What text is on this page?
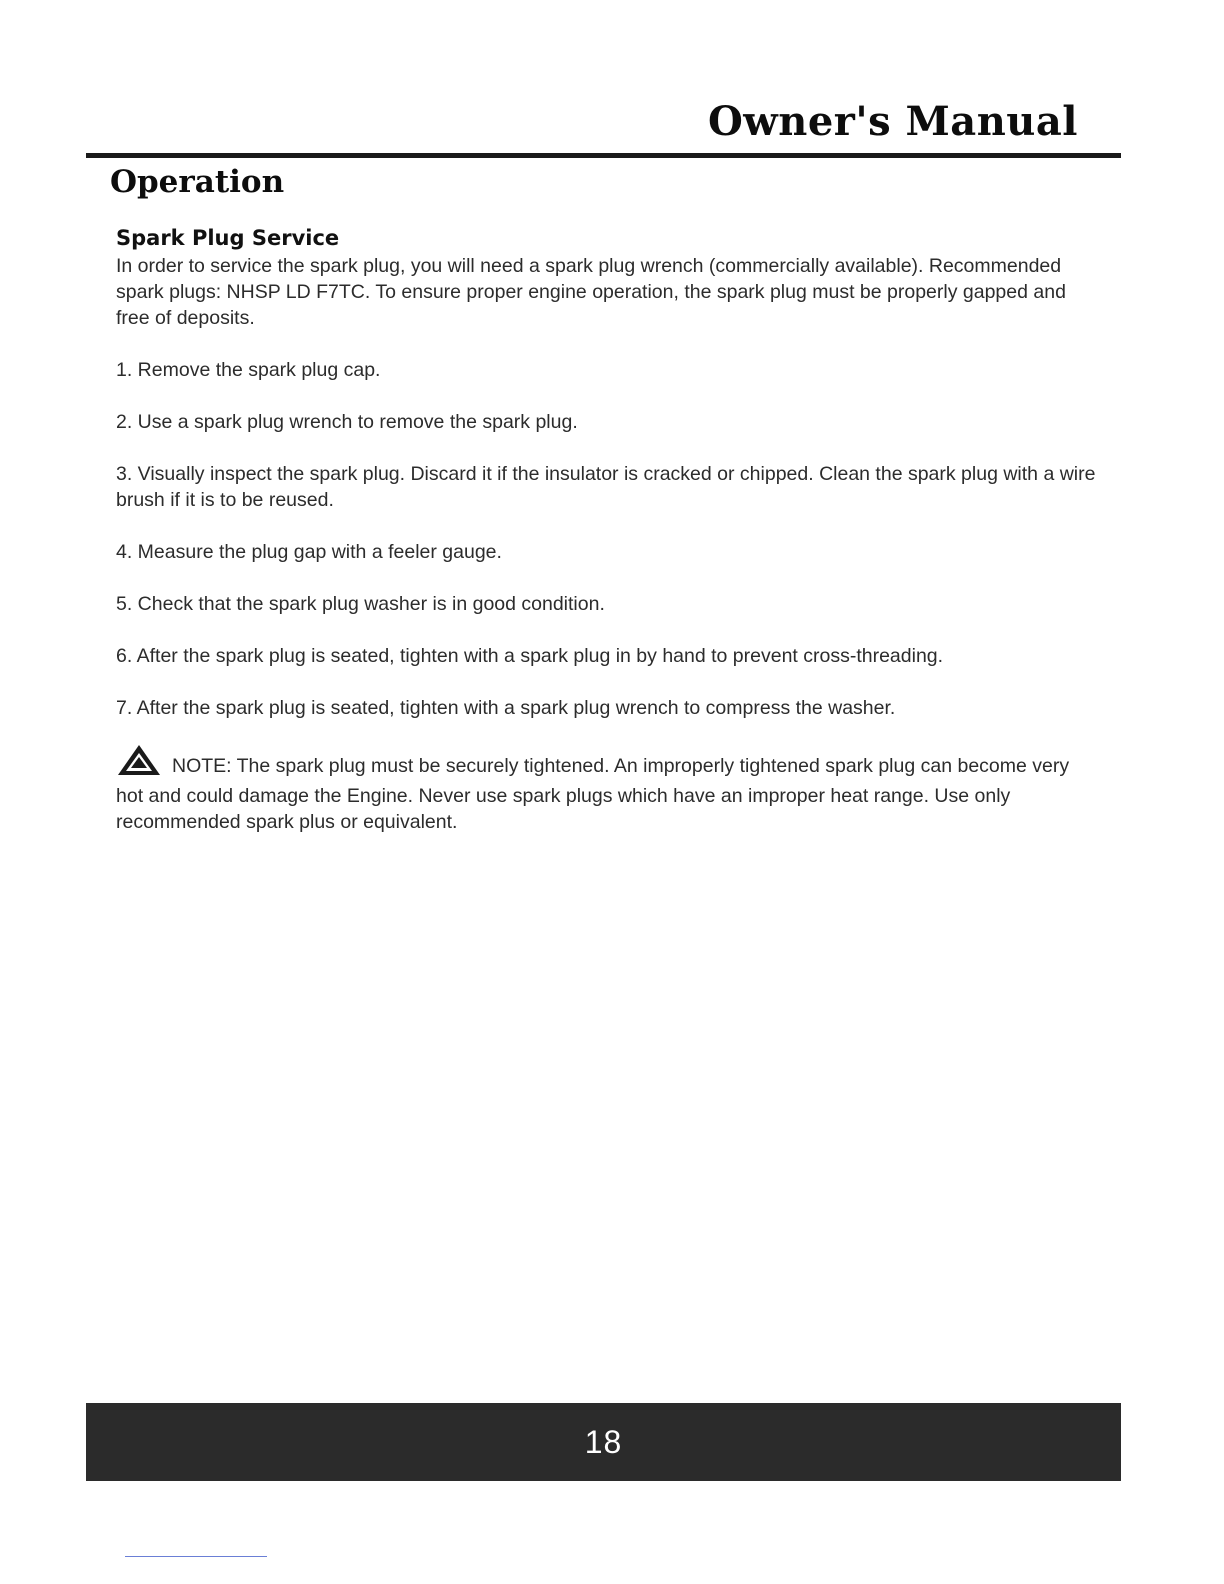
Owner's Manual
Operation
Spark Plug Service

In order to service the spark plug, you will need a spark plug wrench (commercially available). Recommended spark plugs: NHSP LD F7TC. To ensure proper engine operation, the spark plug must be properly gapped and free of deposits.

1. Remove the spark plug cap.
2. Use a spark plug wrench to remove the spark plug.
3. Visually inspect the spark plug. Discard it if the insulator is cracked or chipped. Clean the spark plug with a wire brush if it is to be reused.
4. Measure the plug gap with a feeler gauge.
5. Check that the spark plug washer is in good condition.
6. After the spark plug is seated, tighten with a spark plug in by hand to prevent cross-threading.
7. After the spark plug is seated, tighten with a spark plug wrench to compress the washer.
NOTE: The spark plug must be securely tightened. An improperly tightened spark plug can become very hot and could damage the Engine. Never use spark plugs which have an improper heat range. Use only recommended spark plus or equivalent.
18
